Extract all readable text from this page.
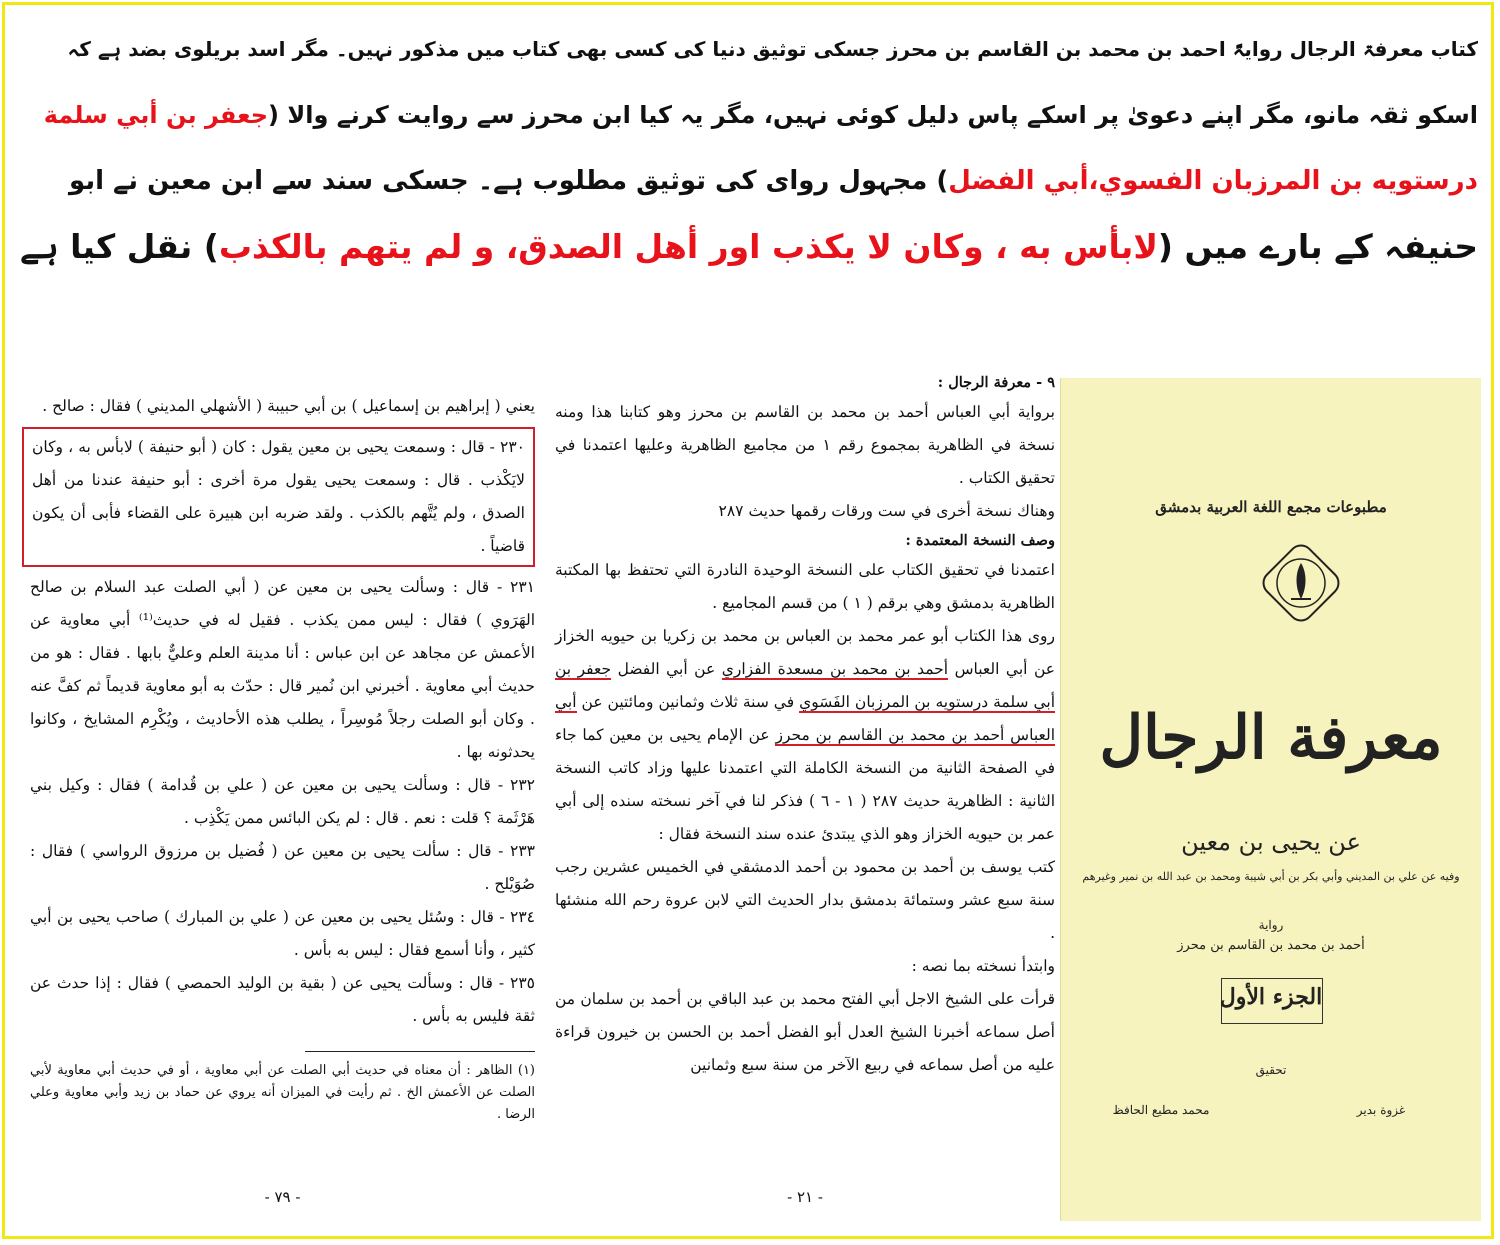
کتاب معرفۃ الرجال روایۃً احمد بن محمد بن القاسم بن محرز جسکی توثیق دنیا کی کسی بھی کتاب میں مذکور نہیں۔ مگر اسد بریلوی بضد ہے کہ
اسکو ثقہ مانو، مگر اپنے دعویٰ پر اسکے پاس دلیل کوئی نہیں، مگر یہ کیا ابن محرز سے روایت کرنے والا (جعفر بن أبي سلمة
درستويه بن المرزبان الفسوي،أبي الفضل) مجہول روای کی توثیق مطلوب ہے۔ جسکی سند سے ابن معین نے ابو
حنیفہ کے بارے میں (لابأس به ، وكان لا يكذب اور أهل الصدق، و لم يتهم بالكذب) نقل کیا ہے

يعني ( إبراهيم بن إسماعيل ) بن أبي حبيبة ( الأشهلي المديني ) فقال : صالح .

٢٣٠ - قال : وسمعت يحيى بن معين يقول : كان ( أبو حنيفة ) لابأس به ، وكان لايَكْذب . قال : وسمعت يحيى يقول مرة أخرى : أبو حنيفة عندنا من أهل الصدق ، ولم يُتَّهم بالكذب . ولقد ضربه ابن هبيرة على القضاء فأبى أن يكون قاضياً .

٢٣١ - قال : وسألت يحيى بن معين عن ( أبي الصلت عبد السلام بن صالح الهَرَوي ) فقال : ليس ممن يكذب . فقيل له في حديث⁽¹⁾ أبي معاوية عن الأعمش عن مجاهد عن ابن عباس : أنا مدينة العلم وعليٌّ بابها . فقال : هو من حديث أبي معاوية . أخبرني ابن نُمير قال : حدّث به أبو معاوية قديماً ثم كفَّ عنه . وكان أبو الصلت رجلاً مُوسِراً ، يطلب هذه الأحاديث ، ويُكْرِم المشايخ ، وكانوا يحدثونه بها .

٢٣٢ - قال : وسألت يحيى بن معين عن ( علي بن قُدامة ) فقال : وكيل بني هَرْثَمة ؟ قلت : نعم . قال : لم يكن البائس ممن يَكْذِب .

٢٣٣ - قال : سألت يحيى بن معين عن ( فُضيل بن مرزوق الرواسي ) فقال : صُوَيْلح .

٢٣٤ - قال : وسُئل يحيى بن معين عن ( علي بن المبارك ) صاحب يحيى بن أبي كثير ، وأنا أسمع فقال : ليس به بأس .

٢٣٥ - قال : وسألت يحيى عن ( بقية بن الوليد الحمصي ) فقال : إذا حدث عن ثقة فليس به بأس .

(١) الظاهر : أن معناه في حديث أبي الصلت عن أبي معاوية ، أو في حديث أبي معاوية لأبي الصلت عن الأعمش الخ . ثم رأيت في الميزان أنه يروي عن حماد بن زيد وأبي معاوية وعلي الرضا .

- ٧٩ -

٩ - معرفة الرجال :

برواية أبي العباس أحمد بن محمد بن القاسم بن محرز وهو كتابنا هذا ومنه نسخة في الظاهرية بمجموع رقم ١ من مجاميع الظاهرية وعليها اعتمدنا في تحقيق الكتاب .

وهناك نسخة أخرى في ست ورقات رقمها حديث ٢٨٧

وصف النسخة المعتمدة :

اعتمدنا في تحقيق الكتاب على النسخة الوحيدة النادرة التي تحتفظ بها المكتبة الظاهرية بدمشق وهي برقم ( ١ ) من قسم المجاميع .

روى هذا الكتاب أبو عمر محمد بن العباس بن محمد بن زكريا بن حيويه الخزاز عن أبي العباس أحمد بن محمد بن مسعدة الفزاري عن أبي الفضل جعفر بن أبي سلمة درستويه بن المرزبان الفَسَوي في سنة ثلاث وثمانين ومائتين عن أبي العباس أحمد بن محمد بن القاسم بن محرز عن الإمام يحيى بن معين كما جاء في الصفحة الثانية من النسخة الكاملة التي اعتمدنا عليها وزاد كاتب النسخة الثانية : الظاهرية حديث ٢٨٧ ( ١ - ٦ ) فذكر لنا في آخر نسخته سنده إلى أبي عمر بن حيويه الخزاز وهو الذي يبتدئ عنده سند النسخة فقال :

كتب يوسف بن أحمد بن محمود بن أحمد الدمشقي في الخميس عشرين رجب سنة سبع عشر وستمائة بدمشق بدار الحديث التي لابن عروة رحم الله منشئها .

وابتدأ نسخته بما نصه :

قرأت على الشيخ الاجل أبي الفتح محمد بن عبد الباقي بن أحمد بن سلمان من أصل سماعه أخبرنا الشيخ العدل أبو الفضل أحمد بن الحسن بن خيرون قراءة عليه من أصل سماعه في ربيع الآخر من سنة سبع وثمانين

- ٢١ -
مطبوعات مجمع اللغة العربية بدمشق
معرفة الرجال
عن يحيى بن معين
وفيه عن علي بن المديني وأبي بكر بن أبي شيبة ومحمد بن عبد الله بن نمير وغيرهم
رواية
أحمد بن محمد بن القاسم بن محرز
الجزء الأول
تحقيق
محمد مطيع الحافظ	غزوة بدير
